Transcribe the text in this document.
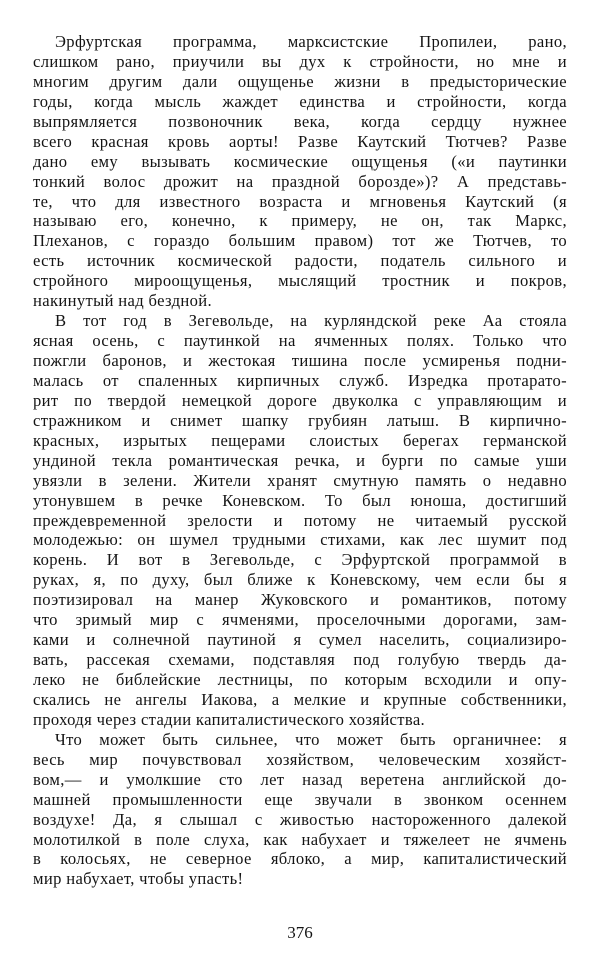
Эрфуртская программа, марксистские Пропилеи, рано,
слишком рано, приучили вы дух к стройности, но мне и
многим другим дали ощущенье жизни в предысторические
годы, когда мысль жаждет единства и стройности, когда
выпрямляется позвоночник века, когда сердцу нужнее
всего красная кровь аорты! Разве Каутский Тютчев? Разве
дано ему вызывать космические ощущенья («и паутинки
тонкий волос дрожит на праздной борозде»)? А представь-
те, что для известного возраста и мгновенья Каутский (я
называю его, конечно, к примеру, не он, так Маркс,
Плеханов, с гораздо большим правом) тот же Тютчев, то
есть источник космической радости, податель сильного и
стройного мироощущенья, мыслящий тростник и покров,
накинутый над бездной.
В тот год в Зегевольде, на курляндской реке Аа стояла
ясная осень, с паутинкой на ячменных полях. Только что
пожгли баронов, и жестокая тишина после усмиренья подни-
малась от спаленных кирпичных служб. Изредка протарато-
рит по твердой немецкой дороге двуколка с управляющим и
стражником и снимет шапку грубиян латыш. В кирпично-
красных, изрытых пещерами слоистых берегах германской
ундиной текла романтическая речка, и бурги по самые уши
увязли в зелени. Жители хранят смутную память о недавно
утонувшем в речке Коневском. То был юноша, достигший
преждевременной зрелости и потому не читаемый русской
молодежью: он шумел трудными стихами, как лес шумит под
корень. И вот в Зегевольде, с Эрфуртской программой в
руках, я, по духу, был ближе к Коневскому, чем если бы я
поэтизировал на манер Жуковского и романтиков, потому
что зримый мир с ячменями, проселочными дорогами, зам-
ками и солнечной паутиной я сумел населить, социализиро-
вать, рассекая схемами, подставляя под голубую твердь да-
леко не библейские лестницы, по которым всходили и опу-
скались не ангелы Иакова, а мелкие и крупные собственники,
проходя через стадии капиталистического хозяйства.
Что может быть сильнее, что может быть органичнее: я
весь мир почувствовал хозяйством, человеческим хозяйст-
вом,— и умолкшие сто лет назад веретена английской до-
машней промышленности еще звучали в звонком осеннем
воздухе! Да, я слышал с живостью настороженного далекой
молотилкой в поле слуха, как набухает и тяжелеет не ячмень
в колосьях, не северное яблоко, а мир, капиталистический
мир набухает, чтобы упасть!
376
